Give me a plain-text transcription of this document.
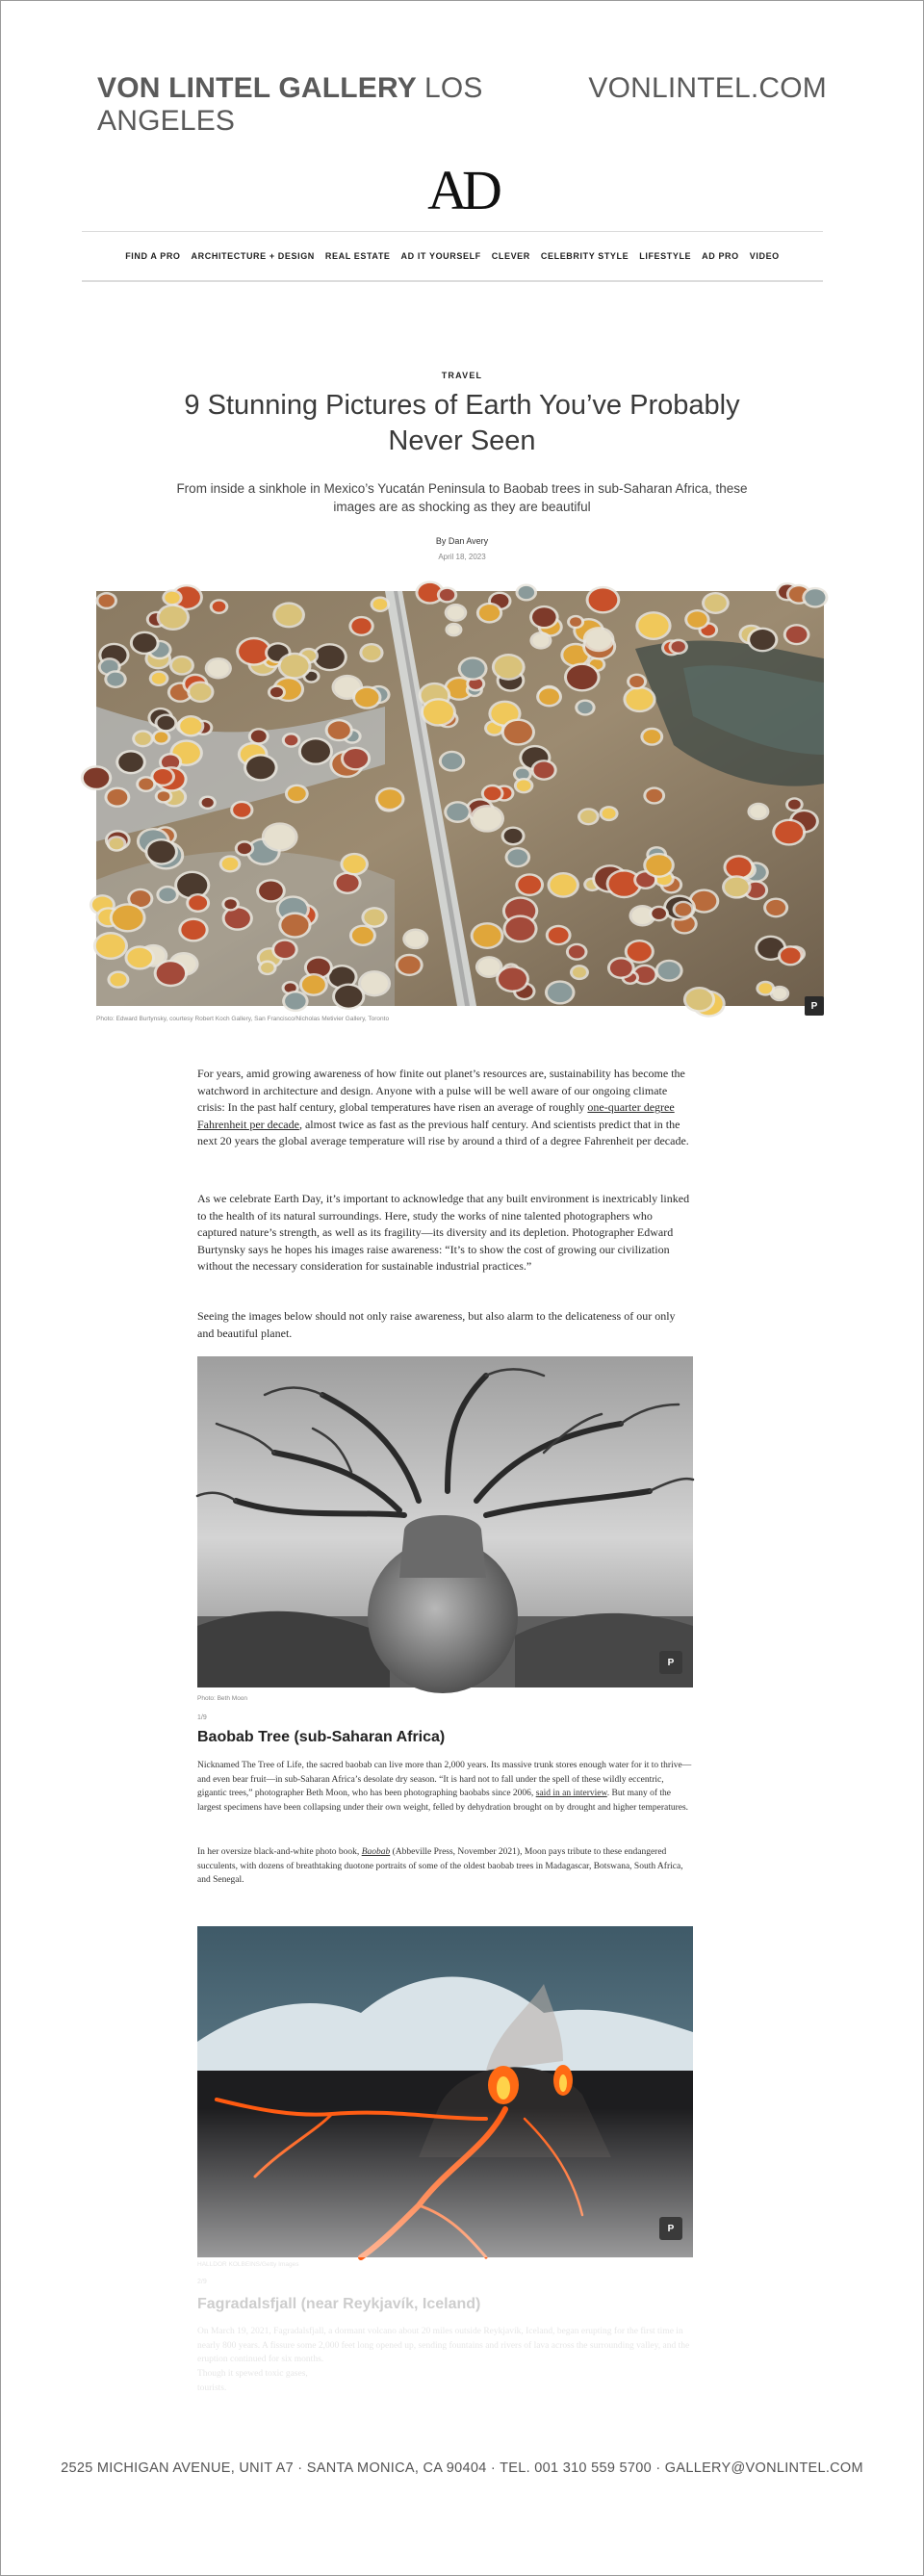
VON LINTEL GALLERY LOS ANGELES
VONLINTEL.COM
AD
FIND A PRO ARCHITECTURE + DESIGN REAL ESTATE AD IT YOURSELF CLEVER CELEBRITY STYLE LIFESTYLE AD PRO VIDEO
TRAVEL
9 Stunning Pictures of Earth You’ve Probably Never Seen

From inside a sinkhole in Mexico’s Yucatán Peninsula to Baobab trees in sub-Saharan Africa, these images are as shocking as they are beautiful

By Dan Avery
April 18, 2023
P
Photo: Edward Burtynsky, courtesy Robert Koch Gallery, San Francisco/Nicholas Metivier Gallery, Toronto

For years, amid growing awareness of how finite out planet’s resources are, sustainability has become the watchword in architecture and design. Anyone with a pulse will be well aware of our ongoing climate crisis: In the past half century, global temperatures have risen an average of roughly one-quarter degree Fahrenheit per decade, almost twice as fast as the previous half century. And scientists predict that in the next 20 years the global average temperature will rise by around a third of a degree Fahrenheit per decade.

As we celebrate Earth Day, it’s important to acknowledge that any built environment is inextricably linked to the health of its natural surroundings. Here, study the works of nine talented photographers who captured nature’s strength, as well as its fragility—its diversity and its depletion. Photographer Edward Burtynsky says he hopes his images raise awareness: “It’s to show the cost of growing our civilization without the necessary consideration for sustainable industrial practices.”

Seeing the images below should not only raise awareness, but also alarm to the delicateness of our only and beautiful planet.

P
Photo: Beth Moon
1/9
Baobab Tree (sub-Saharan Africa)

Nicknamed The Tree of Life, the sacred baobab can live more than 2,000 years. Its massive trunk stores enough water for it to thrive—and even bear fruit—in sub-Saharan Africa’s desolate dry season. “It is hard not to fall under the spell of these wildly eccentric, gigantic trees,” photographer Beth Moon, who has been photographing baobabs since 2006, said in an interview. But many of the largest specimens have been collapsing under their own weight, felled by dehydration brought on by drought and higher temperatures.

In her oversize black-and-white photo book, Baobab (Abbeville Press, November 2021), Moon pays tribute to these endangered succulents, with dozens of breathtaking duotone portraits of some of the oldest baobab trees in Madagascar, Botswana, South Africa, and Senegal.

P
HALLDOR KOLBEINS/Getty Images
2/9
Fagradalsfjall (near Reykjavík, Iceland)

On March 19, 2021, Fagradalsfjall, a dormant volcano about 20 miles outside Reykjavík, Iceland, began erupting for the first time in nearly 800 years. A fissure some 2,000 feet long opened up, sending fountains and rivers of lava across the surrounding valley, and the eruption continued for six months.

Though it spewed toxic gases,

tourists.

2525 MICHIGAN AVENUE, UNIT A7 · SANTA MONICA, CA 90404 · TEL. 001 310 559 5700 · GALLERY@VONLINTEL.COM
